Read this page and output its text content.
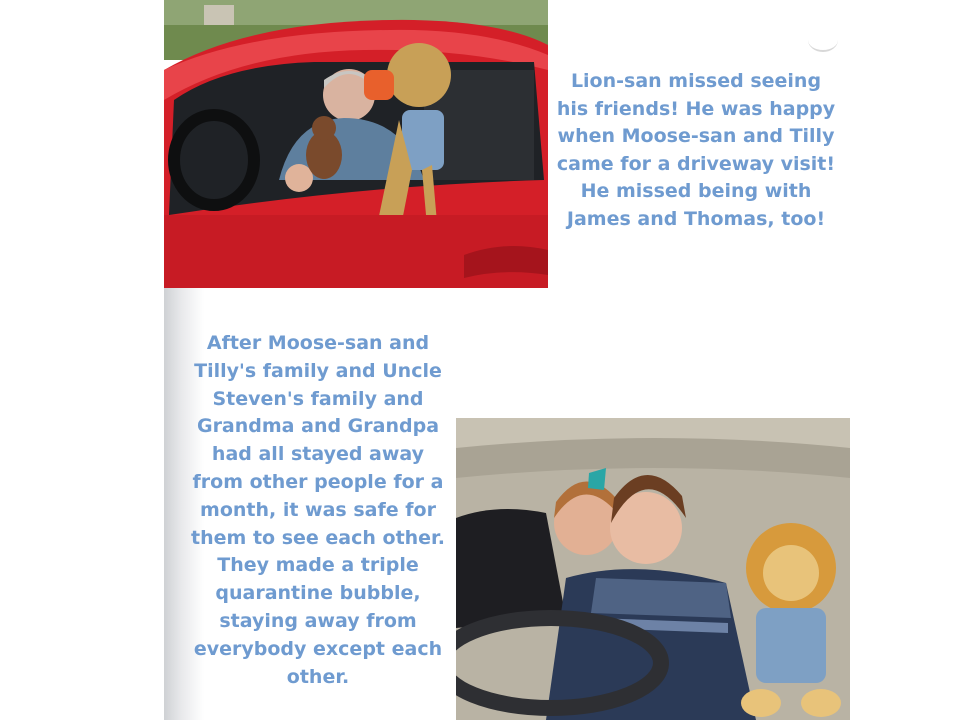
Lion-san missed seeing his friends! He was happy when Moose-san and Tilly came for a driveway visit! He missed being with James and Thomas, too!

After Moose-san and Tilly's family and Uncle Steven's family and Grandma and Grandpa had all stayed away from other people for a month, it was safe for them to see each other. They made a triple quarantine bubble, staying away from everybody except each other.
